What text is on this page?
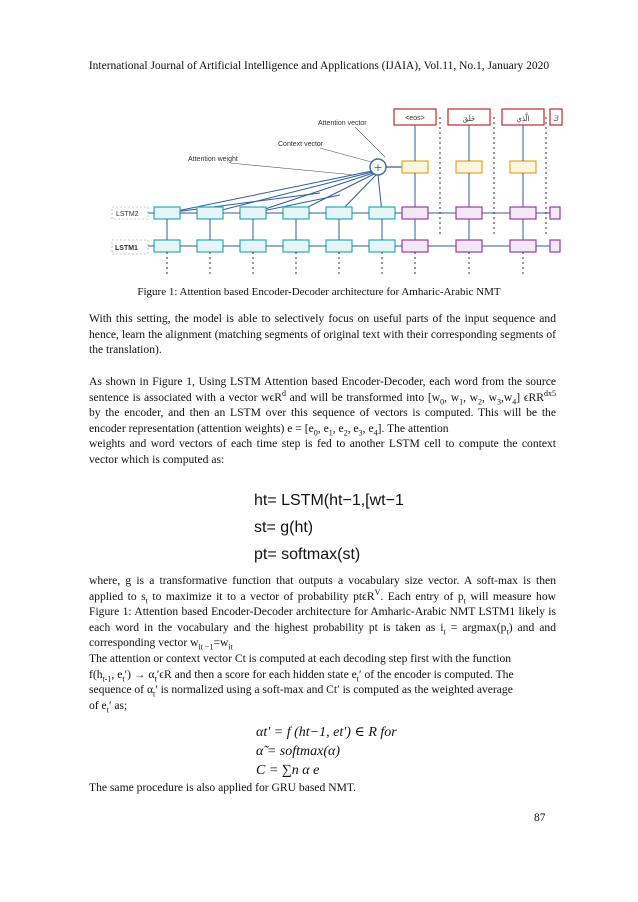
International Journal of Artificial Intelligence and Applications (IJAIA), Vol.11, No.1, January 2020
<eos>	خَلَقَ	الَّذِي	كَ
Attention vector
Context vector
Attention weight
+
LSTM2
LSTM1
Figure 1: Attention based Encoder-Decoder architecture for Amharic-Arabic NMT
With this setting, the model is able to selectively focus on useful parts of the input sequence and hence, learn the alignment (matching segments of original text with their corresponding segments of the translation).
As shown in Figure 1, Using LSTM Attention based Encoder-Decoder, each word from the source sentence is associated with a vector wϵR$^d$ and will be transformed into [$w_0$, $w_1$, $w_2$, $w_3,w_4$] ϵRR$^{dx5}$ by the encoder, and then an LSTM over this sequence of vectors is computed. This will be the encoder representation (attention weights) $e = [e_0$, $e_1$, $e_2$, $e_3$, $e_4$]. The attention
weights and word vectors of each time step is fed to another LSTM cell to compute the context vector which is computed as:
ht= LSTM(ht−1,[wt−1
st= g(ht)
pt= softmax(st)
where, g is a transformative function that outputs a vocabulary size vector. A soft-max is then applied to $s_t$ to maximize it to a vector of probability ptϵR$^V$. Each entry of $p_t$ will measure how Figure 1: Attention based Encoder-Decoder architecture for Amharic-Arabic NMT LSTM1 likely is each word in the vocabulary and the highest probability pt is taken as $i_t = argmax(p_t)$ and and corresponding vector $w_{it -1}=w_{it}$
The attention or context vector Ct is computed at each decoding step first with the function
$f(h_{t-1}$, $e_t') \to \alpha_t'\epsilon R$ and then a score for each hidden state $e_t'$ of the encoder is computed. The
sequence of $\alpha_t'$ is normalized using a soft-max and Ct′ is computed as the weighted average
of $e_t'$ as;
αt′ = f (ht−1, et′) ∈ R for
α̃ = softmax(α)
C = ∑n α e
The same procedure is also applied for GRU based NMT.
87
